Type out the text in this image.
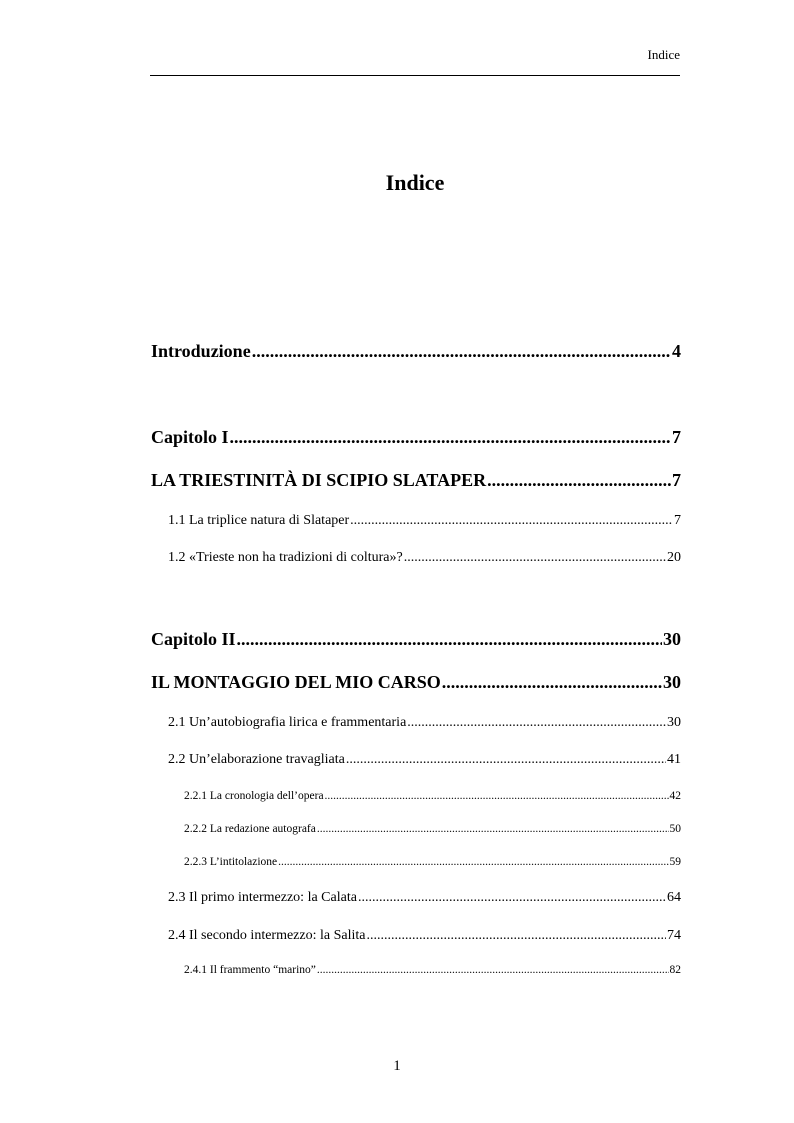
Indice
Indice
Introduzione .....	4
Capitolo I .....	7
LA TRIESTINITÀ DI SCIPIO SLATAPER .....	7
1.1 La triplice natura di Slataper .....	7
1.2 «Trieste non ha tradizioni di coltura»? .....	20
Capitolo II .....	30
IL MONTAGGIO DEL MIO CARSO .....	30
2.1 Un’autobiografia lirica e frammentaria .....	30
2.2 Un’elaborazione travagliata .....	41
2.2.1 La cronologia dell’opera .....	42
2.2.2 La redazione autografa .....	50
2.2.3 L’intitolazione .....	59
2.3 Il primo intermezzo: la Calata .....	64
2.4 Il secondo intermezzo: la Salita .....	74
2.4.1 Il frammento “marino” .....	82
1
